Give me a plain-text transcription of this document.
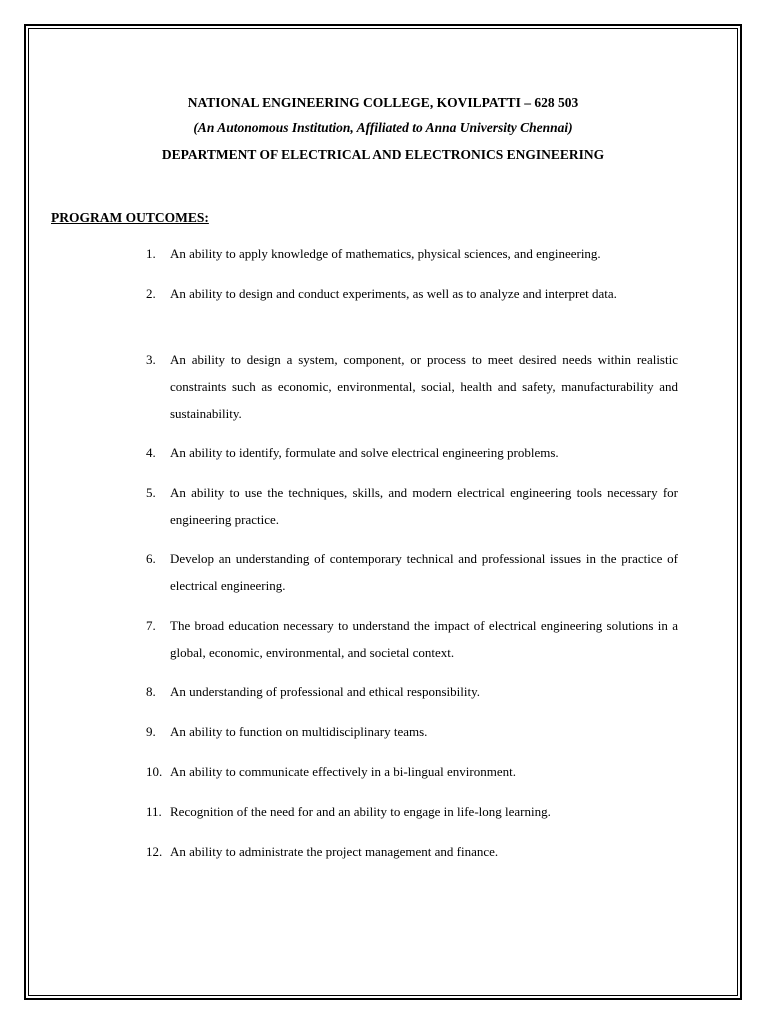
NATIONAL ENGINEERING COLLEGE, KOVILPATTI – 628 503
(An Autonomous Institution, Affiliated to Anna University Chennai)
DEPARTMENT OF ELECTRICAL AND ELECTRONICS ENGINEERING
PROGRAM OUTCOMES:
1.	An ability to apply knowledge of mathematics, physical sciences, and engineering.
2.	An ability to design and conduct experiments, as well as to analyze and interpret data.
3.	An ability to design a system, component, or process to meet desired needs within realistic constraints such as economic, environmental, social, health and safety, manufacturability and sustainability.
4.	An ability to identify, formulate and solve electrical engineering problems.
5.	An ability to use the techniques, skills, and modern electrical engineering tools necessary for engineering practice.
6.	Develop an understanding of contemporary technical and professional issues in the practice of electrical engineering.
7.	The broad education necessary to understand the impact of electrical engineering solutions in a global, economic, environmental, and societal context.
8.	An understanding of professional and ethical responsibility.
9.	An ability to function on multidisciplinary teams.
10. An ability to communicate effectively in a bi-lingual environment.
11. Recognition of the need for and an ability to engage in life-long learning.
12. An ability to administrate the project management and finance.
